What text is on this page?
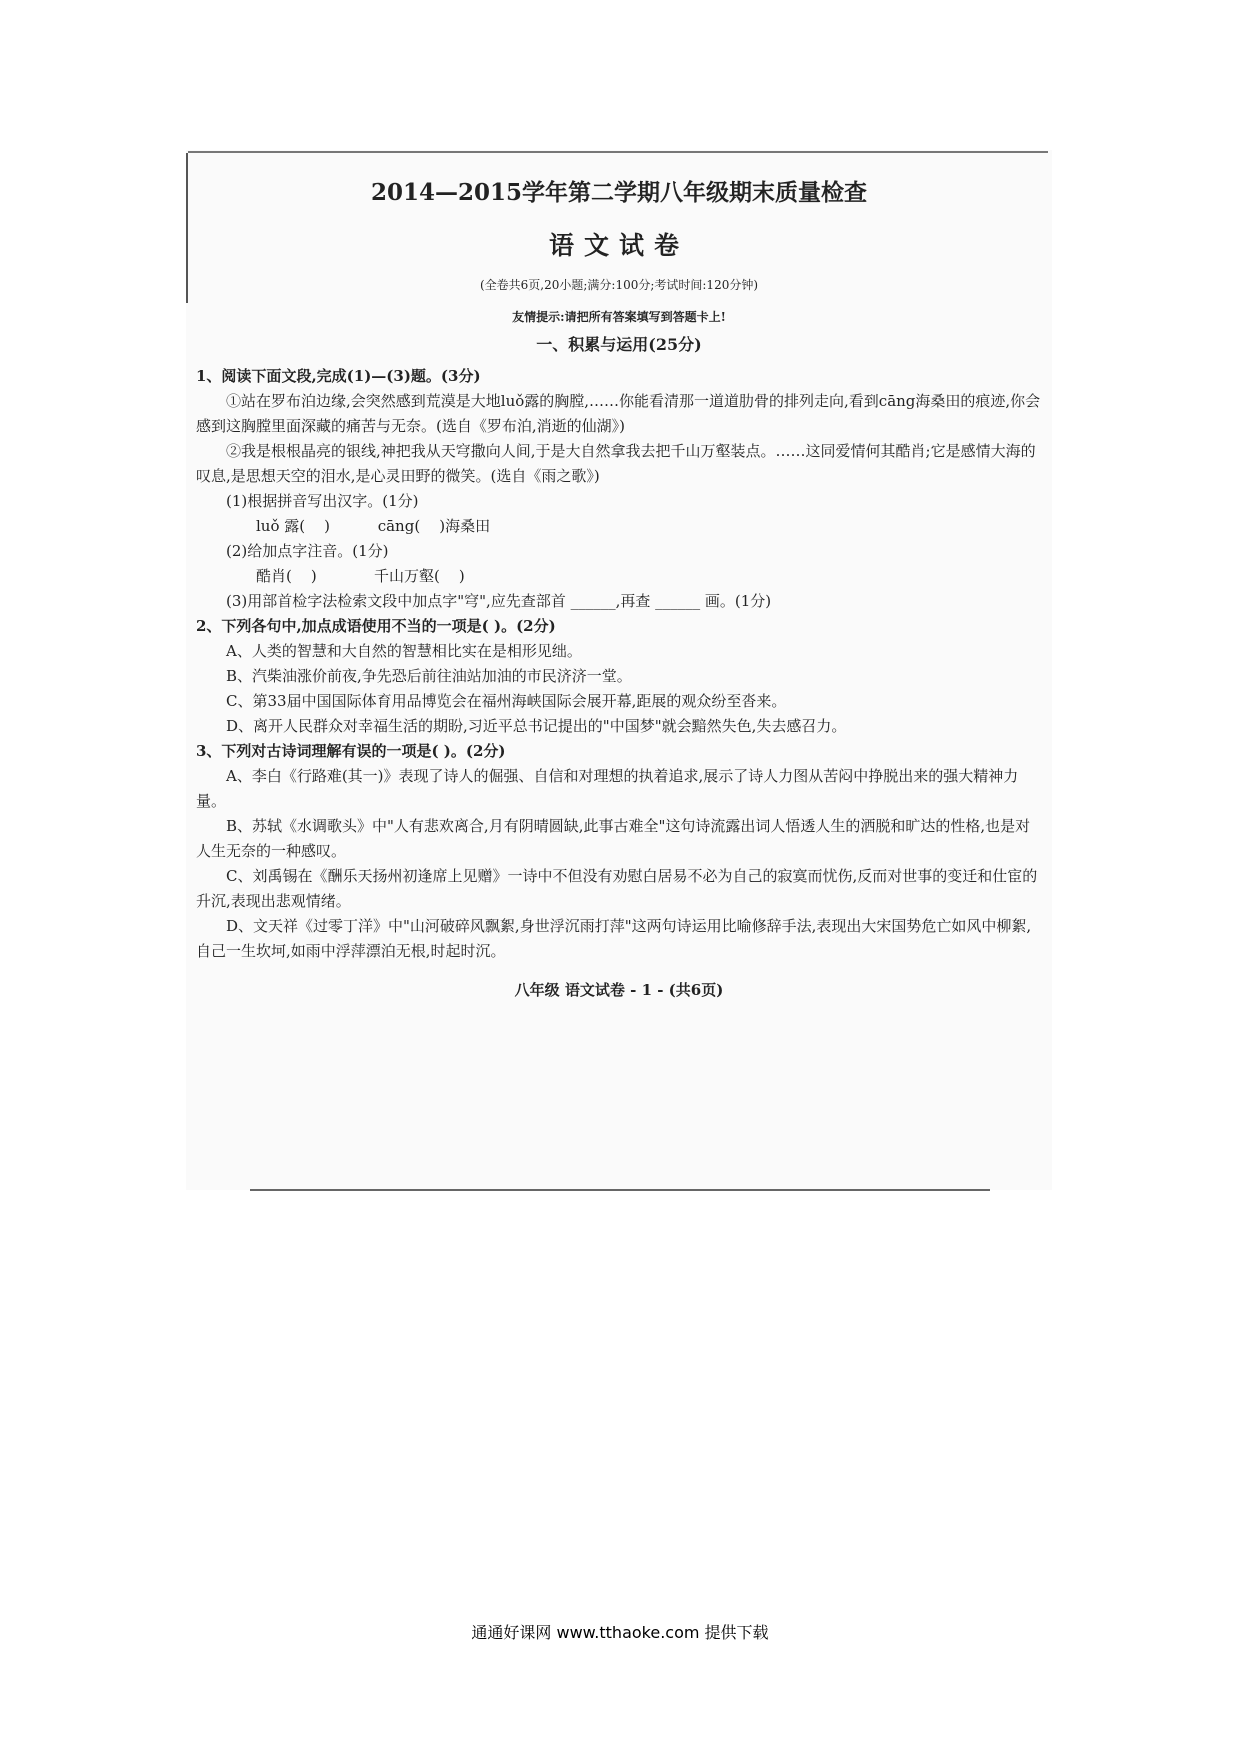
2014—2015学年第二学期八年级期末质量检查
语文试卷
(全卷共6页,20小题;满分:100分;考试时间:120分钟)
友情提示:请把所有答案填写到答题卡上!
一、积累与运用(25分)

1、阅读下面文段,完成(1)—(3)题。(3分)

①站在罗布泊边缘,会突然感到荒漠是大地luǒ露的胸膛,……你能看清那一道道肋骨的排列走向,看到cāng海桑田的痕迹,你会感到这胸膛里面深藏的痛苦与无奈。(选自《罗布泊,消逝的仙湖》)

②我是根根晶亮的银线,神把我从天穹撒向人间,于是大自然拿我去把千山万壑装点。……这同爱情何其酷肖;它是感情大海的叹息,是思想天空的泪水,是心灵田野的微笑。(选自《雨之歌》)

(1)根据拼音写出汉字。(1分)

luǒ 露(    )          cāng(    )海桑田

(2)给加点字注音。(1分)

酷肖(    )            千山万壑(    )

(3)用部首检字法检索文段中加点字"穹",应先查部首 ______,再查 ______ 画。(1分)

2、下列各句中,加点成语使用不当的一项是( )。(2分)

A、人类的智慧和大自然的智慧相比实在是相形见绌。

B、汽柴油涨价前夜,争先恐后前往油站加油的市民济济一堂。

C、第33届中国国际体育用品博览会在福州海峡国际会展开幕,距展的观众纷至沓来。

D、离开人民群众对幸福生活的期盼,习近平总书记提出的"中国梦"就会黯然失色,失去感召力。

3、下列对古诗词理解有误的一项是( )。(2分)

A、李白《行路难(其一)》表现了诗人的倔强、自信和对理想的执着追求,展示了诗人力图从苦闷中挣脱出来的强大精神力量。

B、苏轼《水调歌头》中"人有悲欢离合,月有阴晴圆缺,此事古难全"这句诗流露出词人悟透人生的洒脱和旷达的性格,也是对人生无奈的一种感叹。

C、刘禹锡在《酬乐天扬州初逢席上见赠》一诗中不但没有劝慰白居易不必为自己的寂寞而忧伤,反而对世事的变迁和仕宦的升沉,表现出悲观情绪。

D、文天祥《过零丁洋》中"山河破碎风飘絮,身世浮沉雨打萍"这两句诗运用比喻修辞手法,表现出大宋国势危亡如风中柳絮,自己一生坎坷,如雨中浮萍漂泊无根,时起时沉。

八年级 语文试卷 - 1 - (共6页)
通通好课网 www.tthaoke.com 提供下载
